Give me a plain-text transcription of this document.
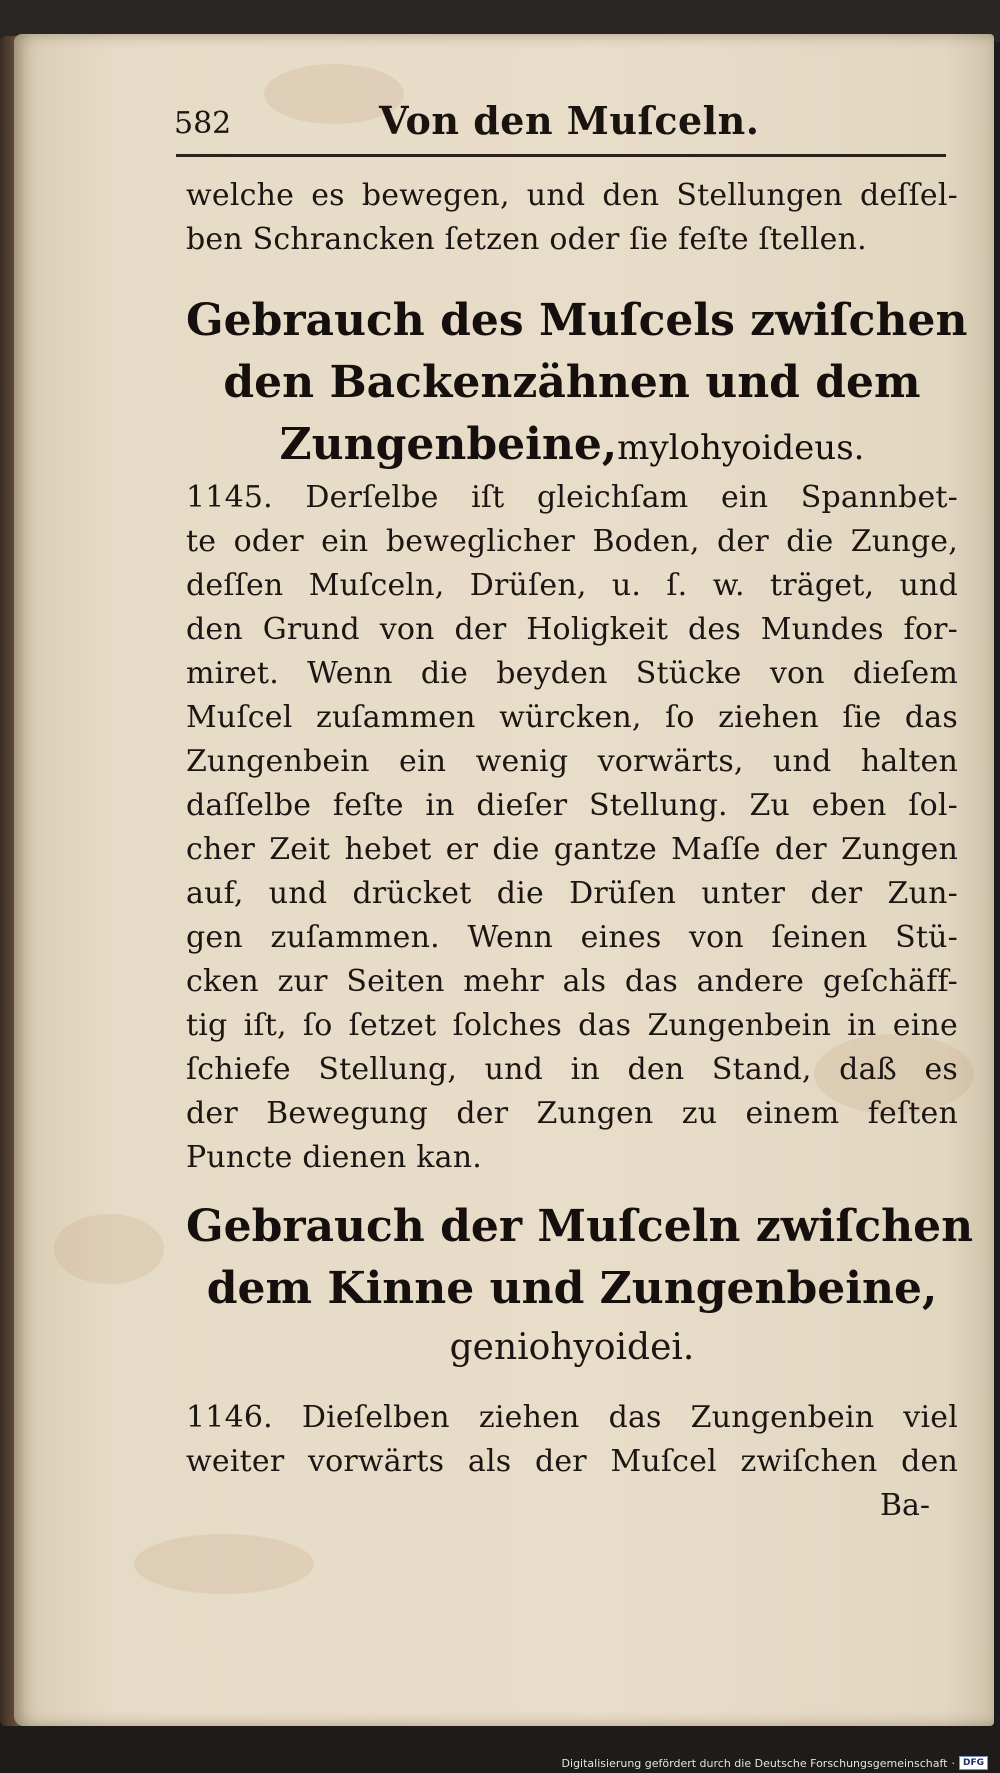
582	Von den Muſceln.
welche es bewegen, und den Stellungen deſſel-
ben Schrancken ſetzen oder ſie feſte ſtellen.
Gebrauch des Muſcels zwiſchen
den Backenzähnen und dem
Zungenbeine,mylohyoideus.
1145. Derſelbe iſt gleichſam ein Spannbet-
te oder ein beweglicher Boden, der die Zunge,
deſſen Muſceln, Drüſen, u. ſ. w. träget, und
den Grund von der Holigkeit des Mundes for-
miret. Wenn die beyden Stücke von dieſem
Muſcel zuſammen würcken, ſo ziehen ſie das
Zungenbein ein wenig vorwärts, und halten
daſſelbe feſte in dieſer Stellung. Zu eben ſol-
cher Zeit hebet er die gantze Maſſe der Zungen
auf, und drücket die Drüſen unter der Zun-
gen zuſammen. Wenn eines von ſeinen Stü-
cken zur Seiten mehr als das andere geſchäff-
tig iſt, ſo ſetzet ſolches das Zungenbein in eine
ſchiefe Stellung, und in den Stand, daß es
der Bewegung der Zungen zu einem feſten
Puncte dienen kan.
Gebrauch der Muſceln zwiſchen
dem Kinne und Zungenbeine,
geniohyoidei.
1146. Dieſelben ziehen das Zungenbein viel
weiter vorwärts als der Muſcel zwiſchen den
Ba-
Digitalisierung gefördert durch die Deutsche Forschungsgemeinschaft · DFG
